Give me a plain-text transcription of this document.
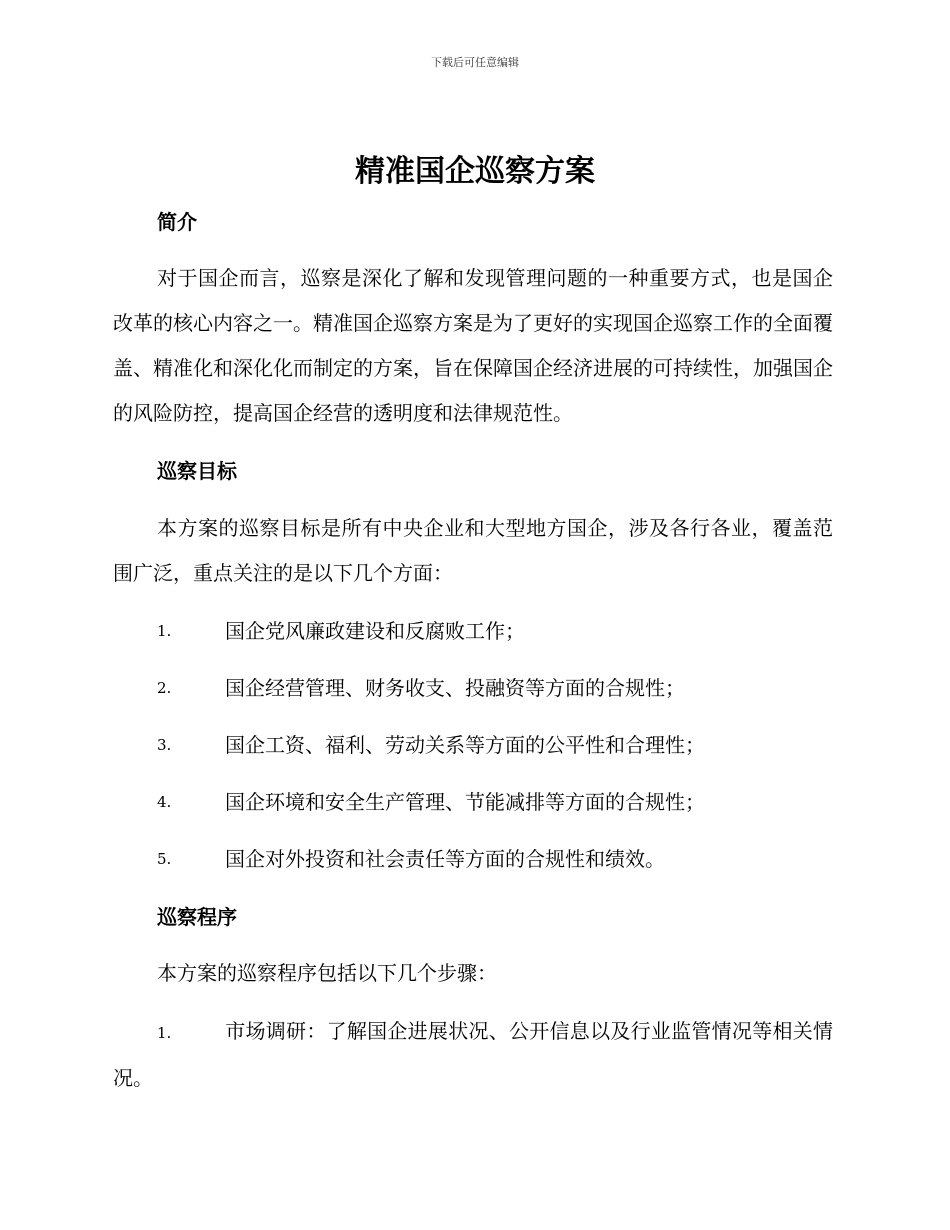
下载后可任意编辑
精准国企巡察方案
简介
对于国企而言，巡察是深化了解和发现管理问题的一种重要方式，也是国企改革的核心内容之一。精准国企巡察方案是为了更好的实现国企巡察工作的全面覆盖、精准化和深化化而制定的方案，旨在保障国企经济进展的可持续性，加强国企的风险防控，提高国企经营的透明度和法律规范性。
巡察目标
本方案的巡察目标是所有中央企业和大型地方国企，涉及各行各业，覆盖范围广泛，重点关注的是以下几个方面：
1.	国企党风廉政建设和反腐败工作；
2.	国企经营管理、财务收支、投融资等方面的合规性；
3.	国企工资、福利、劳动关系等方面的公平性和合理性；
4.	国企环境和安全生产管理、节能减排等方面的合规性；
5.	国企对外投资和社会责任等方面的合规性和绩效。
巡察程序
本方案的巡察程序包括以下几个步骤：
1.	市场调研：了解国企进展状况、公开信息以及行业监管情况等相关情况。
